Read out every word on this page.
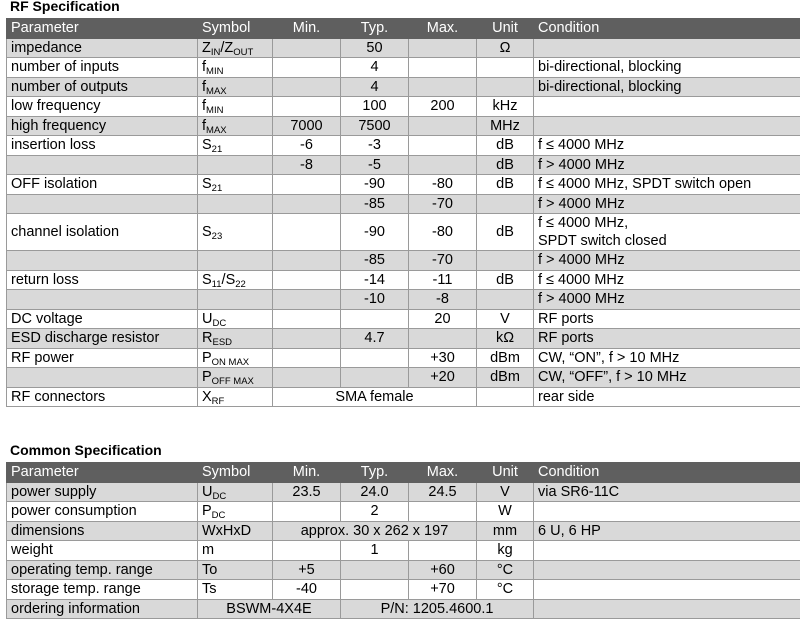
RF Specification
Parameter	Symbol	Min.	Typ.	Max.	Unit	Condition
impedance	$Z_{IN}/Z_{OUT}$		50		Ω	
number of inputs	$f_{MIN}$		4			bi-directional, blocking
number of outputs	$f_{MAX}$		4			bi-directional, blocking
low frequency	$f_{MIN}$		100	200	kHz	
high frequency	$f_{MAX}$	7000	7500		MHz	
insertion loss	$S_{21}$	-6	-3		dB	f ≤ 4000 MHz
		-8	-5		dB	f > 4000 MHz
OFF isolation	$S_{21}$		-90	-80	dB	f ≤ 4000 MHz, SPDT switch open
			-85	-70		f > 4000 MHz
channel isolation	$S_{23}$		-90	-80	dB	f ≤ 4000 MHz,
SPDT switch closed
			-85	-70		f > 4000 MHz
return loss	$S_{11}/S_{22}$		-14	-11	dB	f ≤ 4000 MHz
			-10	-8		f > 4000 MHz
DC voltage	$U_{DC}$			20	V	RF ports
ESD discharge resistor	$R_{ESD}$		4.7		kΩ	RF ports
RF power	$P_{ON MAX}$			+30	dBm	CW, “ON”, f > 10 MHz
	$P_{OFF MAX}$			+20	dBm	CW, “OFF”, f > 10 MHz
RF connectors	$X_{RF}$	SMA female				rear side
Common Specification
Parameter	Symbol	Min.	Typ.	Max.	Unit	Condition
power supply	$U_{DC}$	23.5	24.0	24.5	V	via SR6-11C
power consumption	$P_{DC}$		2		W	
dimensions	WxHxD	approx. 30 x 262 x 197			mm	6 U, 6 HP
weight	m		1		kg	
operating temp. range	To	+5		+60	°C	
storage temp. range	Ts	-40		+70	°C	
ordering information	BSWM-4X4E		P/N: 1205.4600.1			
